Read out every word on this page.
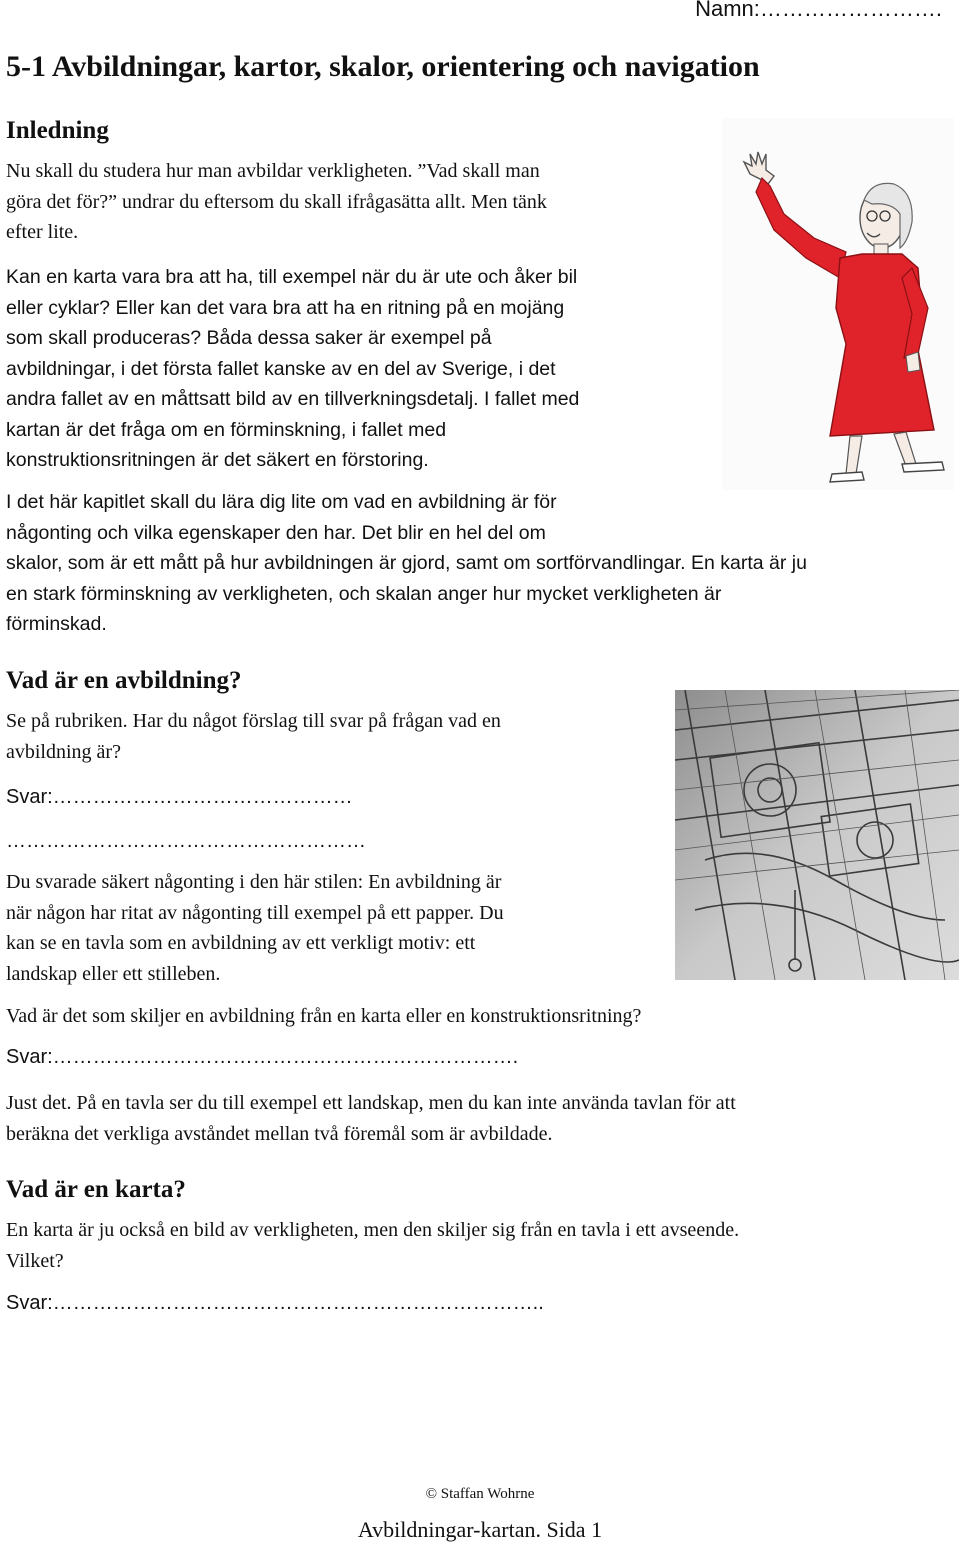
Namn:…………………….
5-1 Avbildningar, kartor, skalor, orientering och navigation
Inledning
Nu skall du studera hur man avbildar verkligheten. ”Vad skall man
göra det för?” undrar du eftersom du skall ifrågasätta allt. Men tänk
efter lite.
Kan en karta vara bra att ha, till exempel när du är ute och åker bil
eller cyklar? Eller kan det vara bra att ha en ritning på en mojäng
som skall produceras? Båda dessa saker är exempel på
avbildningar, i det första fallet kanske av en del av Sverige, i det
andra fallet av en måttsatt bild av en tillverkningsdetalj. I fallet med
kartan är det fråga om en förminskning, i fallet med
konstruktionsritningen är det säkert en förstoring.
I det här kapitlet skall du lära dig lite om vad en avbildning är för
någonting och vilka egenskaper den har. Det blir en hel del om
skalor, som är ett mått på hur avbildningen är gjord, samt om sortförvandlingar. En karta är ju
en stark förminskning av verkligheten, och skalan anger hur mycket verkligheten är
förminskad.
Vad är en avbildning?
Se på rubriken. Har du något förslag till svar på frågan vad en
avbildning är?
Svar:………………………………………
………………………………………………
Du svarade säkert någonting i den här stilen: En avbildning är
när någon har ritat av någonting till exempel på ett papper. Du
kan se en tavla som en avbildning av ett verkligt motiv: ett
landskap eller ett stilleben.
Vad är det som skiljer en avbildning från en karta eller en konstruktionsritning?
Svar:…………………………………………………………….
Just det. På en tavla ser du till exempel ett landskap, men du kan inte använda tavlan för att
beräkna det verkliga avståndet mellan två föremål som är avbildade.
Vad är en karta?
En karta är ju också en bild av verkligheten, men den skiljer sig från en tavla i ett avseende.
Vilket?
Svar:………………………………………………………………..
© Staffan Wohrne
Avbildningar-kartan. Sida 1
